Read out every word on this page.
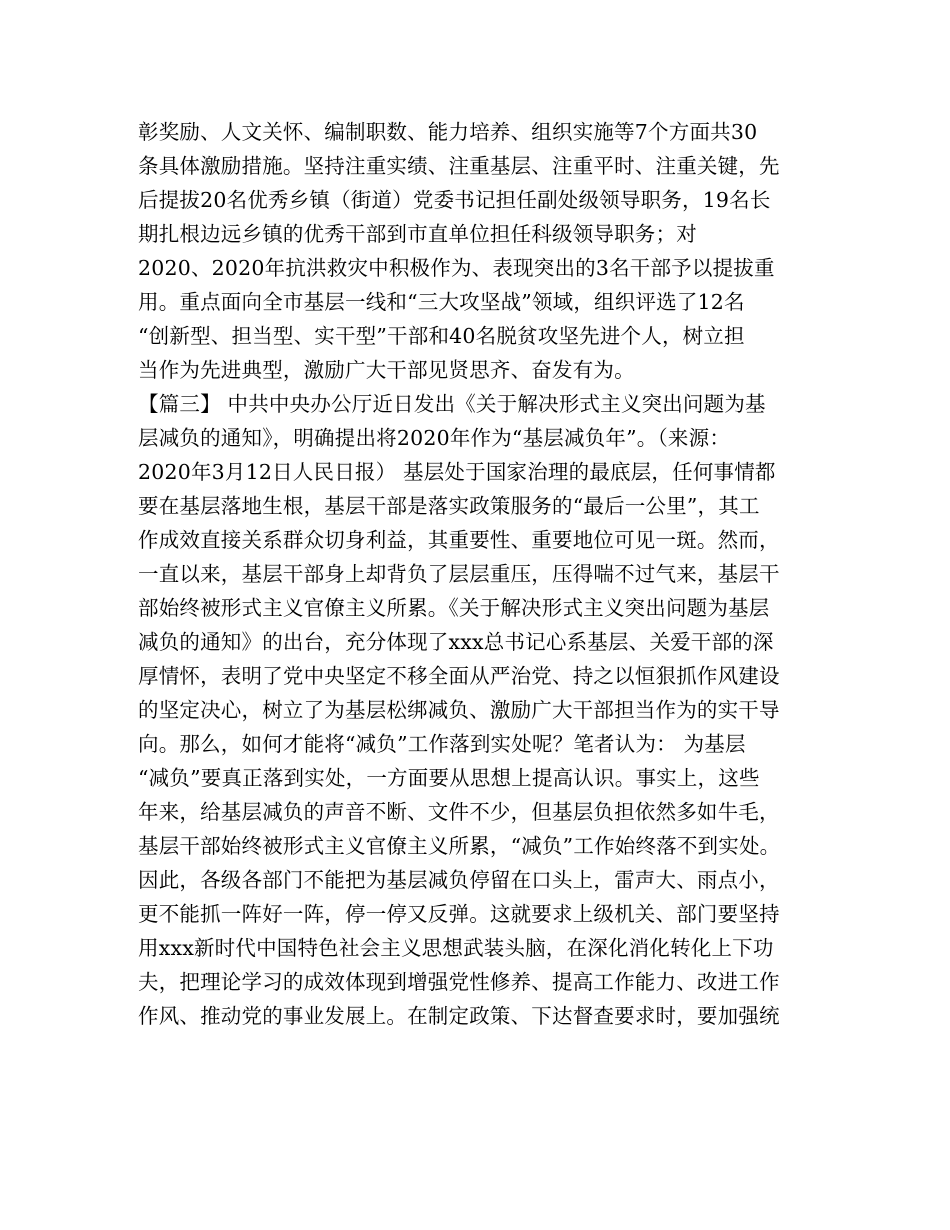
彰奖励、人文关怀、编制职数、能力培养、组织实施等7个方面共30
条具体激励措施。坚持注重实绩、注重基层、注重平时、注重关键，先
后提拔20名优秀乡镇（街道）党委书记担任副处级领导职务，19名长
期扎根边远乡镇的优秀干部到市直单位担任科级领导职务；对
2020、2020年抗洪救灾中积极作为、表现突出的3名干部予以提拔重
用。重点面向全市基层一线和“三大攻坚战”领域，组织评选了12名
“创新型、担当型、实干型”干部和40名脱贫攻坚先进个人，树立担
当作为先进典型，激励广大干部见贤思齐、奋发有为。
【篇三】 中共中央办公厅近日发出《关于解决形式主义突出问题为基
层减负的通知》，明确提出将2020年作为“基层减负年”。（来源：
2020年3月12日人民日报） 基层处于国家治理的最底层，任何事情都
要在基层落地生根，基层干部是落实政策服务的“最后一公里”，其工
作成效直接关系群众切身利益，其重要性、重要地位可见一斑。然而，
一直以来，基层干部身上却背负了层层重压，压得喘不过气来，基层干
部始终被形式主义官僚主义所累。《关于解决形式主义突出问题为基层
减负的通知》的出台，充分体现了xxx总书记心系基层、关爱干部的深
厚情怀，表明了党中央坚定不移全面从严治党、持之以恒狠抓作风建设
的坚定决心，树立了为基层松绑减负、激励广大干部担当作为的实干导
向。那么，如何才能将“减负”工作落到实处呢？笔者认为： 为基层
“减负”要真正落到实处，一方面要从思想上提高认识。事实上，这些
年来，给基层减负的声音不断、文件不少，但基层负担依然多如牛毛，
基层干部始终被形式主义官僚主义所累，“减负”工作始终落不到实处。
因此，各级各部门不能把为基层减负停留在口头上，雷声大、雨点小，
更不能抓一阵好一阵，停一停又反弹。这就要求上级机关、部门要坚持
用xxx新时代中国特色社会主义思想武装头脑，在深化消化转化上下功
夫，把理论学习的成效体现到增强党性修养、提高工作能力、改进工作
作风、推动党的事业发展上。在制定政策、下达督查要求时，要加强统
